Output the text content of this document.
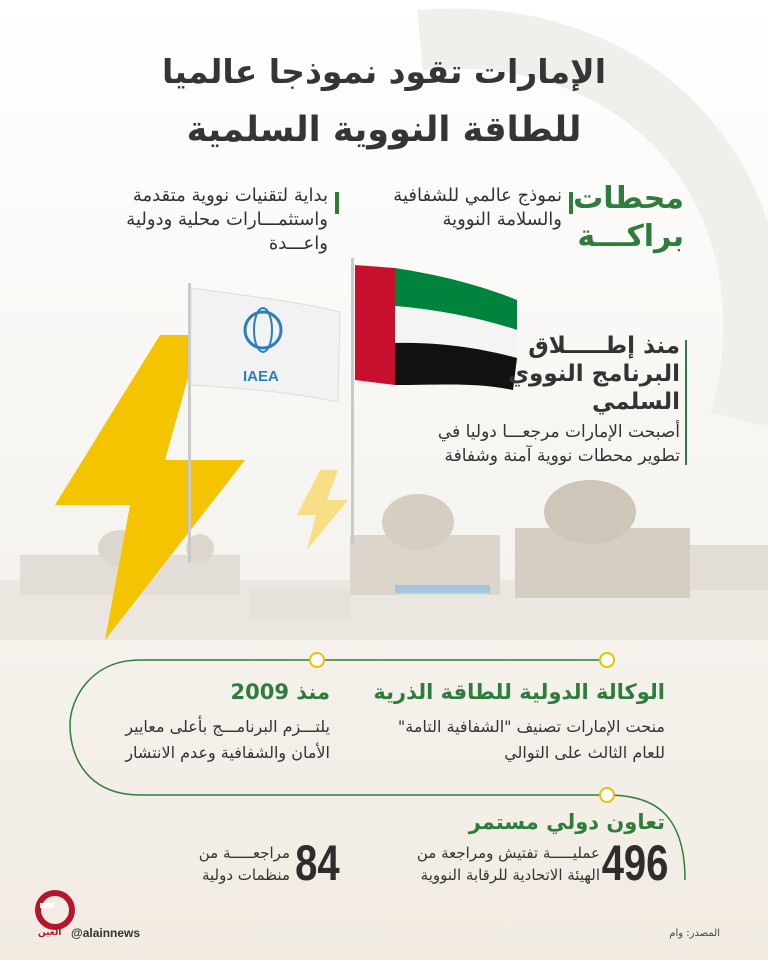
الإمارات تقود نموذجا عالميا
للطاقة النووية السلمية
محطات
براكـــة
نموذج عالمي للشفافية
والسلامة النووية
بداية لتقنيات نووية متقدمة
واستثمـــارات محلية ودولية
واعـــدة
IAEA
منذ إطـــــلاق
البرنامج النووي
السلمي
أصبحت الإمارات مرجعـــا دوليا في
تطوير محطات نووية آمنة وشفافة
الوكالة الدولية للطاقة الذرية
منحت الإمارات تصنيف "الشفافية التامة"
للعام الثالث على التوالي
منذ 2009
يلتـــزم البرنامـــج بأعلى معايير
الأمان والشفافية وعدم الانتشار
تعاون دولي مستمر
496
عمليـــــة تفتيش ومراجعة من
الهيئة الاتحادية للرقابة النووية
84
مراجعـــــة من
منظمات دولية
العين @alainnews	المصدر: وام
